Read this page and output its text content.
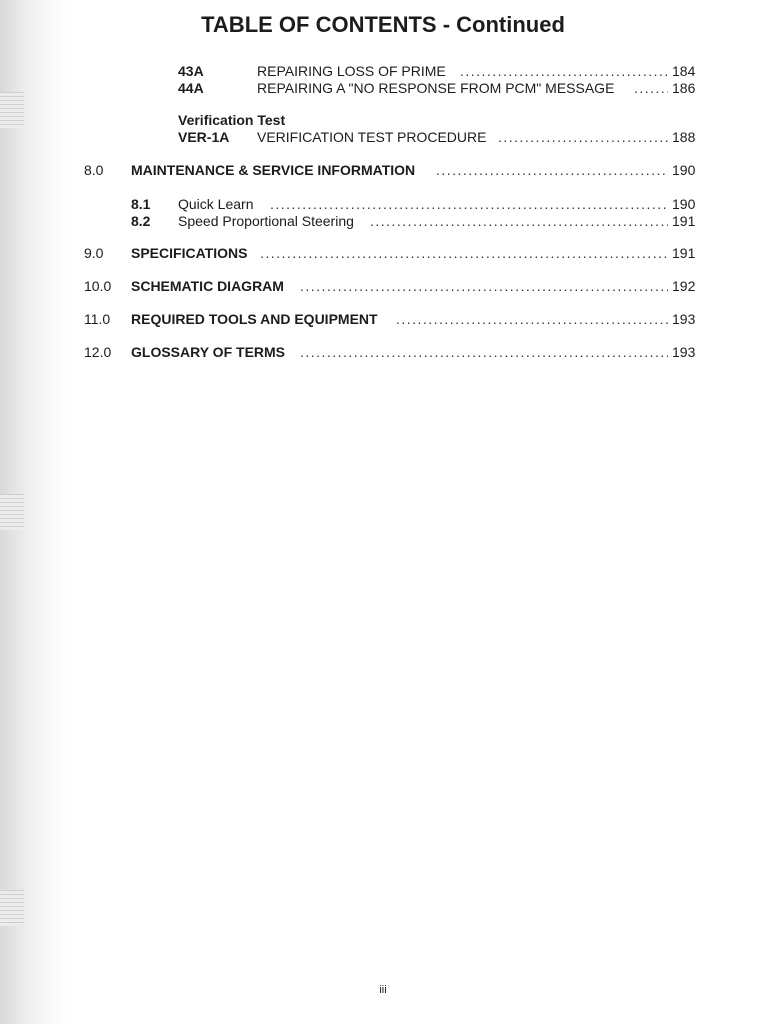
TABLE OF CONTENTS - Continued
43A	REPAIRING LOSS OF PRIME . . .	184
44A	REPAIRING A "NO RESPONSE FROM PCM" MESSAGE . . .	186
Verification Test
VER-1A VERIFICATION TEST PROCEDURE . . .	188
8.0 MAINTENANCE & SERVICE INFORMATION . . .	190
8.1 Quick Learn . . .	190
8.2 Speed Proportional Steering . . .	191
9.0 SPECIFICATIONS . . .	191
10.0 SCHEMATIC DIAGRAM . . .	192
11.0 REQUIRED TOOLS AND EQUIPMENT . . .	193
12.0 GLOSSARY OF TERMS . . .	193
iii
